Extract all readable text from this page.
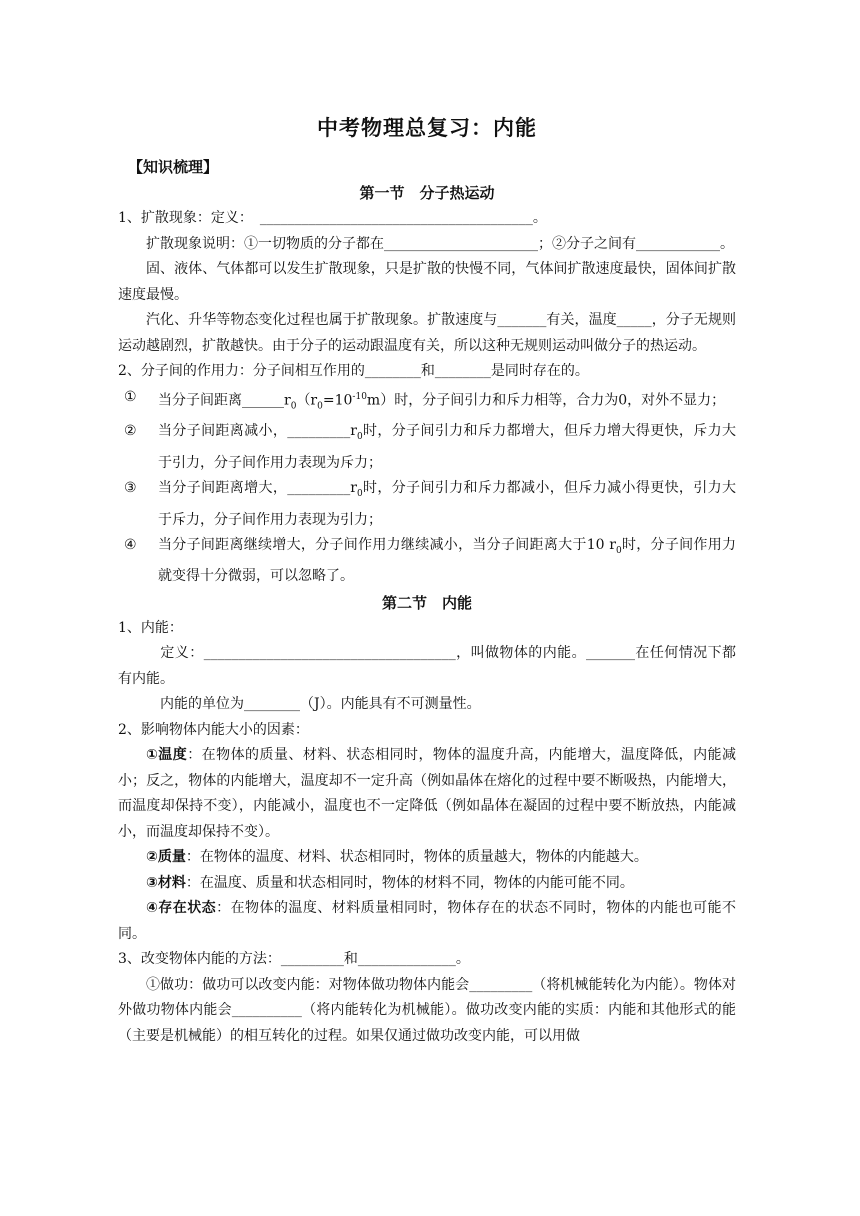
中考物理总复习：内能
【知识梳理】
第一节　分子热运动

1、扩散现象：定义：　_______________________________________。

扩散现象说明：①一切物质的分子都在______________________；②分子之间有____________。

固、液体、气体都可以发生扩散现象，只是扩散的快慢不同，气体间扩散速度最快，固体间扩散速度最慢。

汽化、升华等物态变化过程也属于扩散现象。扩散速度与_______有关，温度_____，分子无规则运动越剧烈，扩散越快。由于分子的运动跟温度有关，所以这种无规则运动叫做分子的热运动。

2、分子间的作用力：分子间相互作用的________和________是同时存在的。

①	当分子间距离$\_\_\_\_\_\_r_0(r_0=10^{-10}m)$时，分子间引力和斥力相等，合力为0，对外不显力；
②	当分子间距离减小，$\_\_\_\_\_\_\_\_\_r_0$时，分子间引力和斥力都增大，但斥力增大得更快，斥力大于引力，分子间作用力表现为斥力；
③	当分子间距离增大，$\_\_\_\_\_\_\_\_\_r_0$时，分子间引力和斥力都减小，但斥力减小得更快，引力大于斥力，分子间作用力表现为引力；
④	当分子间距离继续增大，分子间作用力继续减小，当分子间距离大于10 $r_0$时，分子间作用力就变得十分微弱，可以忽略了。
第二节　内能

1、内能：

定义：____________________________________，叫做物体的内能。_______在任何情况下都有内能。

内能的单位为________（J）。内能具有不可测量性。

2、影响物体内能大小的因素：

①温度：在物体的质量、材料、状态相同时，物体的温度升高，内能增大，温度降低，内能减小；反之，物体的内能增大，温度却不一定升高（例如晶体在熔化的过程中要不断吸热，内能增大，而温度却保持不变），内能减小，温度也不一定降低（例如晶体在凝固的过程中要不断放热，内能减小，而温度却保持不变）。

②质量：在物体的温度、材料、状态相同时，物体的质量越大，物体的内能越大。

③材料：在温度、质量和状态相同时，物体的材料不同，物体的内能可能不同。

④存在状态：在物体的温度、材料质量相同时，物体存在的状态不同时，物体的内能也可能不同。

3、改变物体内能的方法：_________和______________。

①做功：做功可以改变内能：对物体做功物体内能会_________（将机械能转化为内能）。物体对外做功物体内能会__________（将内能转化为机械能）。做功改变内能的实质：内能和其他形式的能（主要是机械能）的相互转化的过程。如果仅通过做功改变内能，可以用做
